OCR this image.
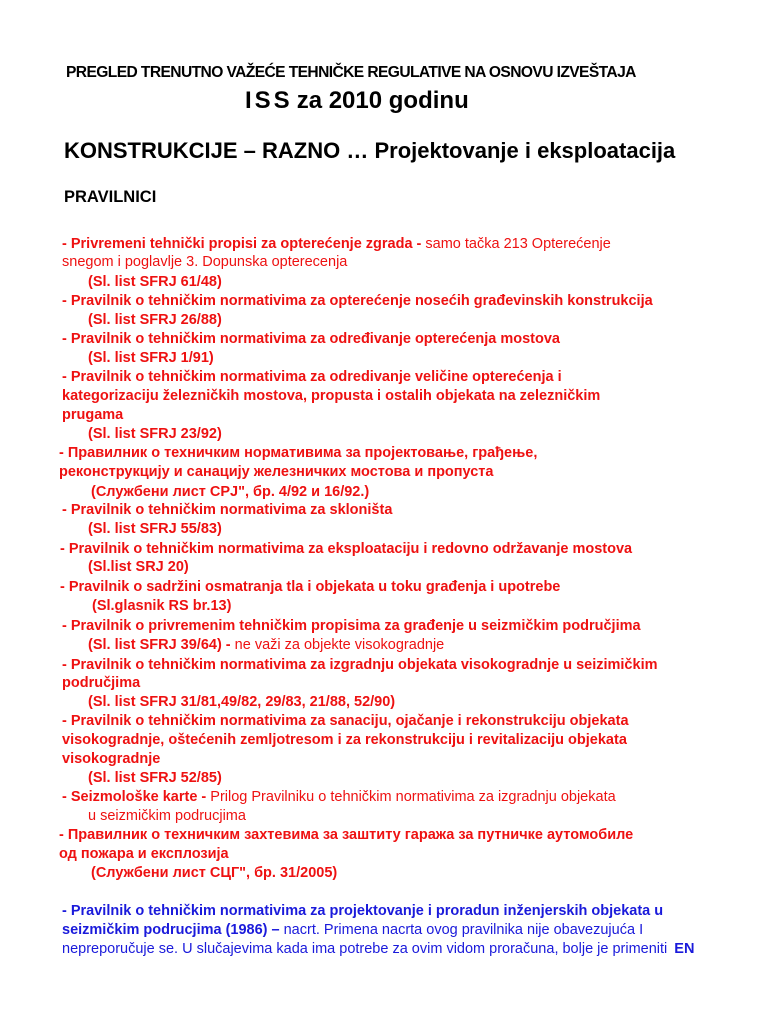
PREGLED TRENUTNO VAŽEĆE TEHNIČKE REGULATIVE NA OSNOVU IZVEŠTAJA
ISS za 2010 godinu
KONSTRUKCIJE – RAZNO … Projektovanje i eksploatacija
PRAVILNICI
- Privremeni tehnički propisi za opterećenje zgrada - samo tačka 213 Opterećenje
snegom i poglavlje 3. Dopunska opterecenja
(Sl. list SFRJ 61/48)
- Pravilnik o tehničkim normativima za opterećenje nosećih građevinskih konstrukcija
(Sl. list SFRJ 26/88)
- Pravilnik o tehničkim normativima za određivanje opterećenja mostova
(Sl. list SFRJ 1/91)
- Pravilnik o tehničkim normativima za odredivanje veličine opterećenja i
kategorizaciju železničkih mostova, propusta i ostalih objekata na zelezničkim
prugama
(Sl. list SFRJ 23/92)
- Правилник о техничким нормативима за пројектовање, грађење,
реконструкцију и санацију железничких мостова и пропуста
(Службени лист СРЈ", бр. 4/92 и 16/92.)
- Pravilnik o tehničkim normativima za skloništa
(Sl. list SFRJ 55/83)
- Pravilnik o tehničkim normativima za eksploataciju i redovno održavanje mostova
(Sl.list SRJ 20)
- Pravilnik o sadržini osmatranja tla i objekata u toku građenja i upotrebe
(Sl.glasnik RS br.13)
- Pravilnik o privremenim tehničkim propisima za građenje u seizmičkim područjima
(Sl. list SFRJ 39/64) - ne važi za objekte visokogradnje
- Pravilnik o tehničkim normativima za izgradnju objekata visokogradnje u seizimičkim
područjima
(Sl. list SFRJ 31/81,49/82, 29/83, 21/88, 52/90)
- Pravilnik o tehničkim normativima za sanaciju, ojačanje i rekonstrukciju objekata
visokogradnje, oštećenih zemljotresom i za rekonstrukciju i revitalizaciju objekata
visokogradnje
(Sl. list SFRJ 52/85)
- Seizmološke karte - Prilog Pravilniku o tehničkim normativima za izgradnju objekata
u seizmičkim podrucjima
- Правилник о техничким захтевима за заштиту гаража за путничке аутомобиле
од пожара и експлозија
(Службени лист СЦГ", бр. 31/2005)
- Pravilnik o tehničkim normativima za projektovanje i proradun inženjerskih objekata u
seizmičkim podrucjima (1986) – nacrt. Primena nacrta ovog pravilnika nije obavezujuća I
nepreporučuje se. U slučajevima kada ima potrebe za ovim vidom proračuna, bolje je primeniti EN
